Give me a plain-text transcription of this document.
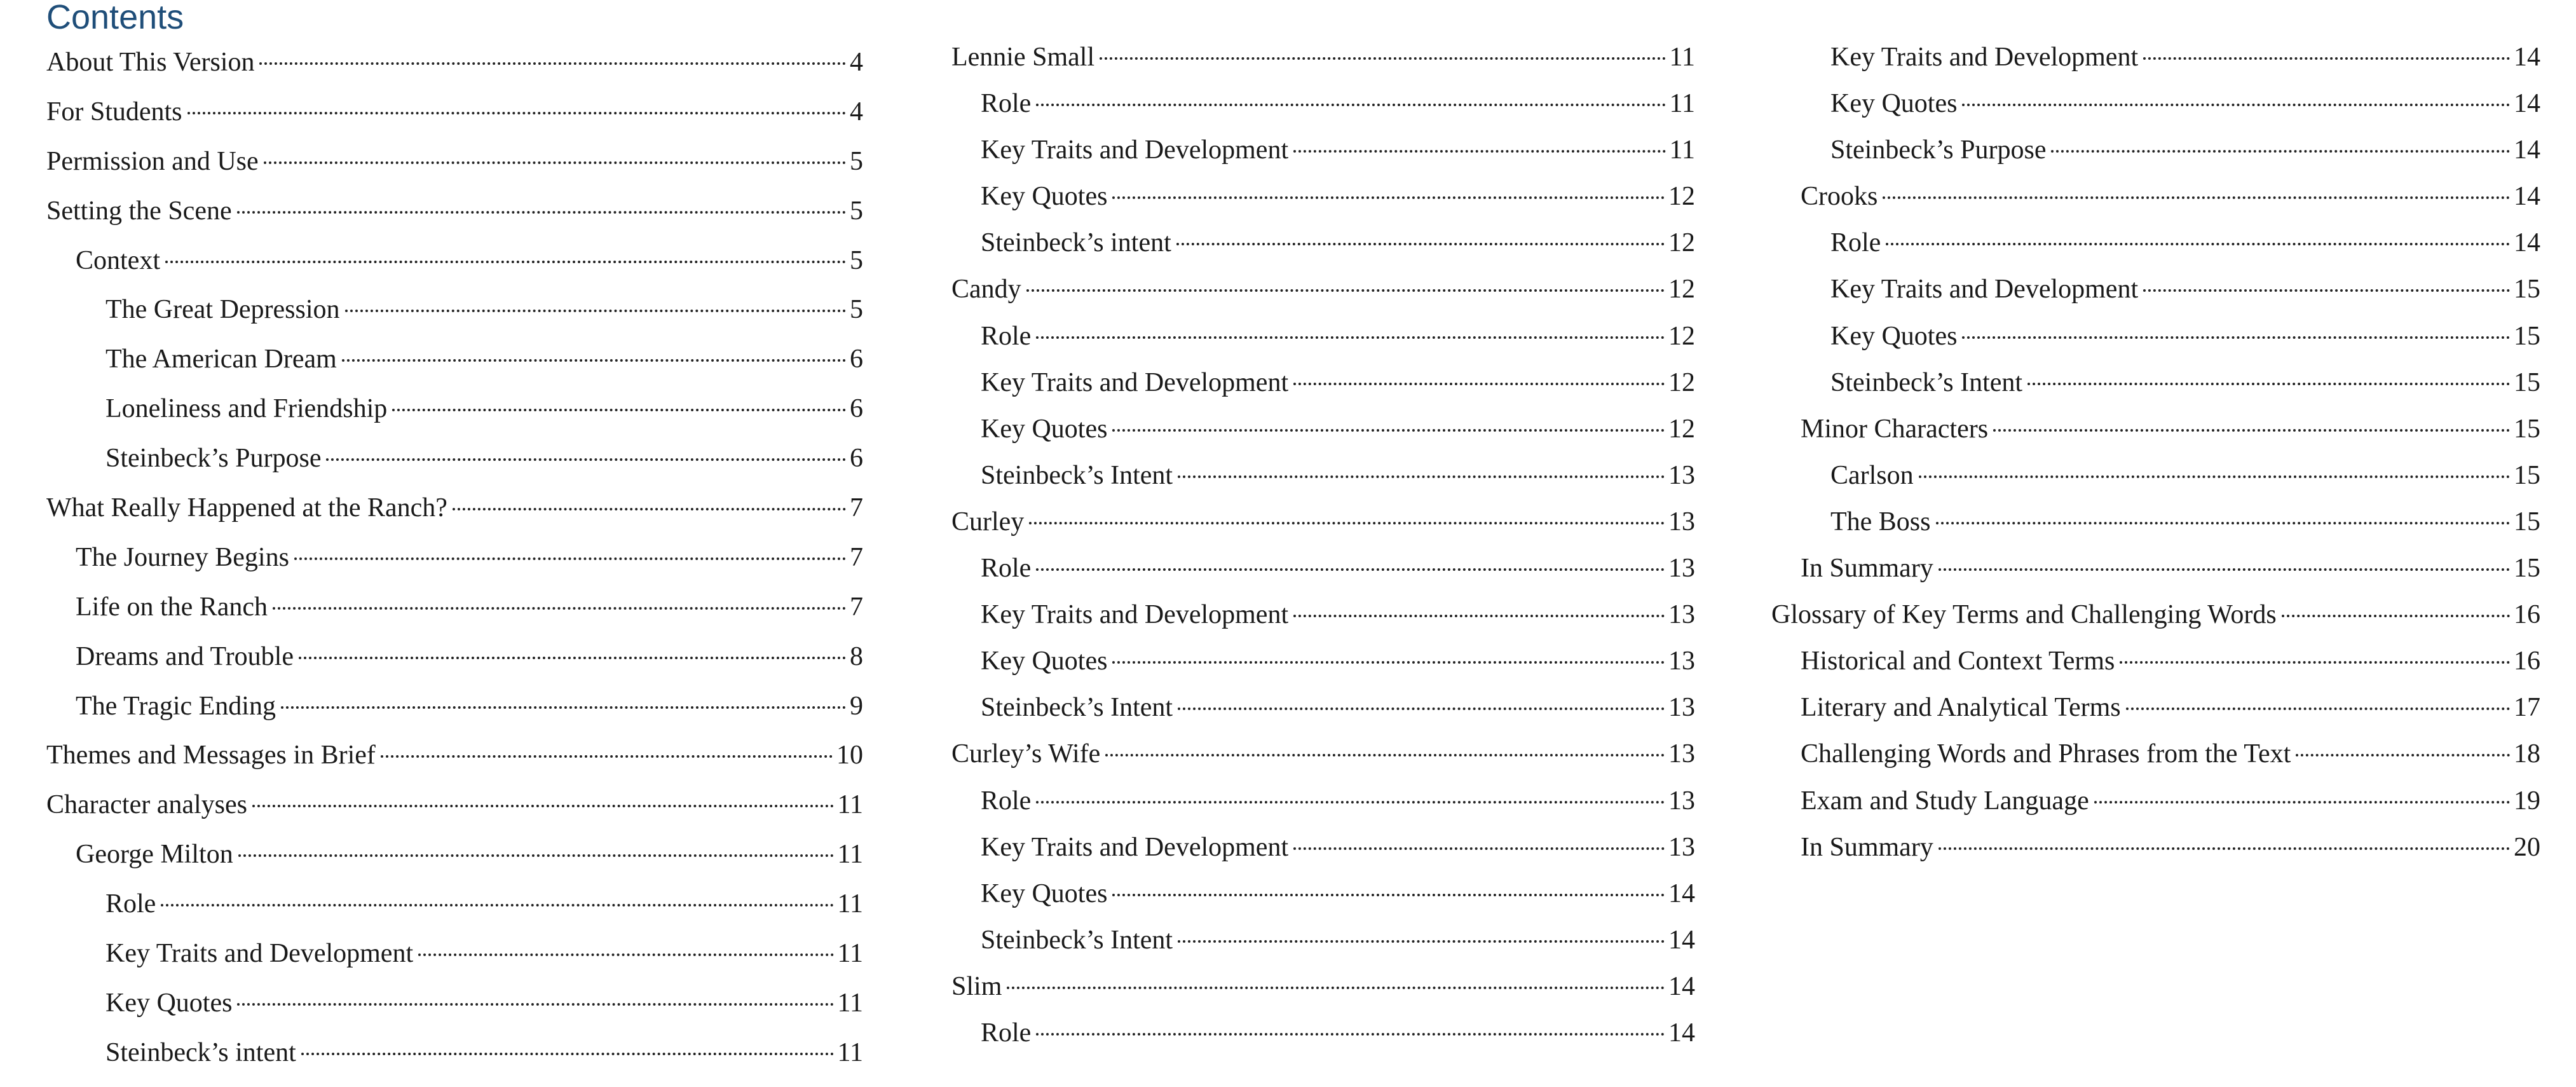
Contents
About This Version	4
For Students	4
Permission and Use	5
Setting the Scene	5
Context	5
The Great Depression	5
The American Dream	6
Loneliness and Friendship	6
Steinbeck’s Purpose	6
What Really Happened at the Ranch?	7
The Journey Begins	7
Life on the Ranch	7
Dreams and Trouble	8
The Tragic Ending	9
Themes and Messages in Brief	10
Character analyses	11
George Milton	11
Role	11
Key Traits and Development	11
Key Quotes	11
Steinbeck’s intent	11
Lennie Small	11
Role	11
Key Traits and Development	11
Key Quotes	12
Steinbeck’s intent	12
Candy	12
Role	12
Key Traits and Development	12
Key Quotes	12
Steinbeck’s Intent	13
Curley	13
Role	13
Key Traits and Development	13
Key Quotes	13
Steinbeck’s Intent	13
Curley’s Wife	13
Role	13
Key Traits and Development	13
Key Quotes	14
Steinbeck’s Intent	14
Slim	14
Role	14
Key Traits and Development	14
Key Quotes	14
Steinbeck’s Purpose	14
Crooks	14
Role	14
Key Traits and Development	15
Key Quotes	15
Steinbeck’s Intent	15
Minor Characters	15
Carlson	15
The Boss	15
In Summary	15
Glossary of Key Terms and Challenging Words	16
Historical and Context Terms	16
Literary and Analytical Terms	17
Challenging Words and Phrases from the Text	18
Exam and Study Language	19
In Summary	20
